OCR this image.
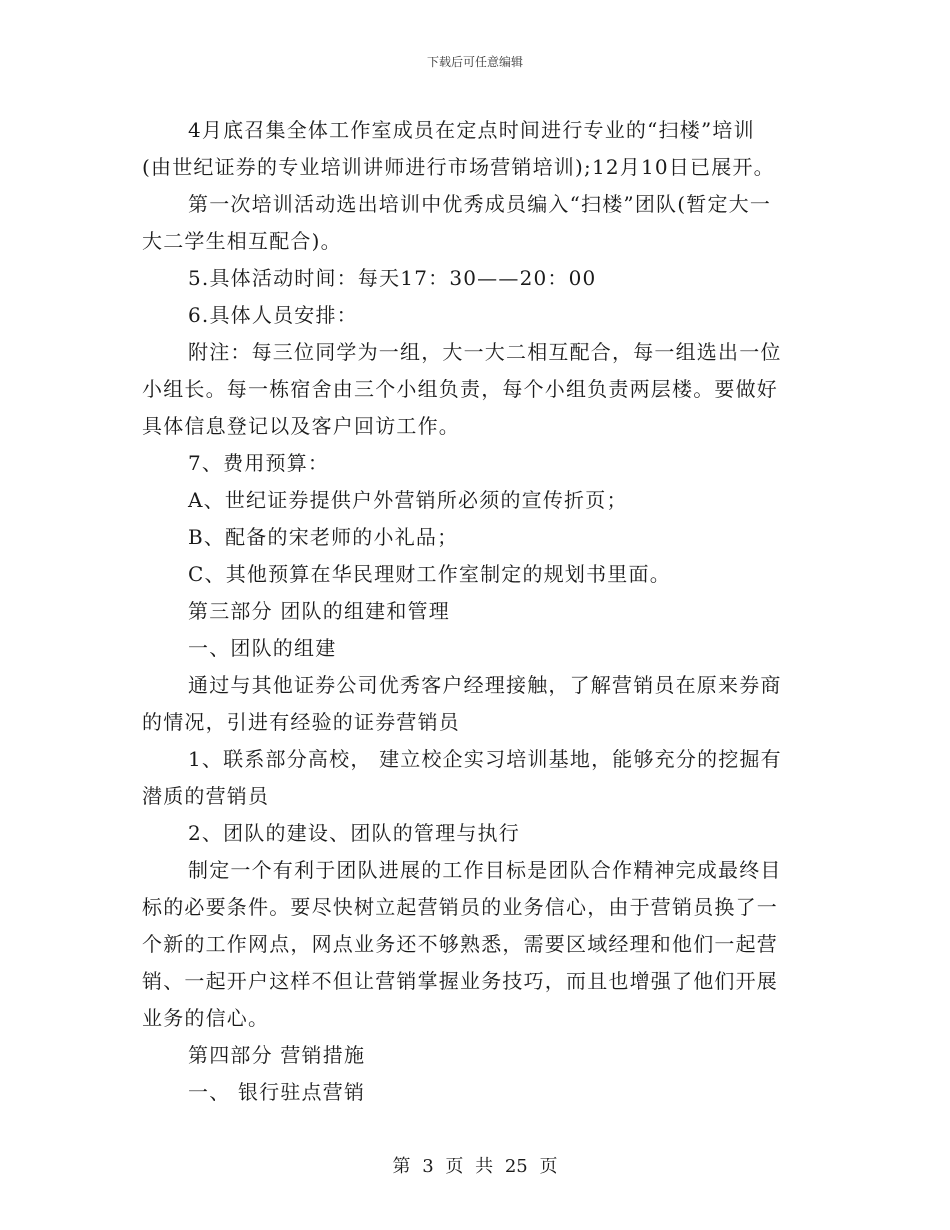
下载后可任意编辑
4月底召集全体工作室成员在定点时间进行专业的“扫楼”培训
(由世纪证券的专业培训讲师进行市场营销培训);12月10日已展开。
第一次培训活动选出培训中优秀成员编入“扫楼”团队(暂定大一
大二学生相互配合)。
5.具体活动时间：每天17：30——20：00
6.具体人员安排：
附注：每三位同学为一组，大一大二相互配合，每一组选出一位
小组长。每一栋宿舍由三个小组负责，每个小组负责两层楼。要做好
具体信息登记以及客户回访工作。
7、费用预算：
A、世纪证券提供户外营销所必须的宣传折页；
B、配备的宋老师的小礼品；
C、其他预算在华民理财工作室制定的规划书里面。
第三部分 团队的组建和管理
一、团队的组建
通过与其他证券公司优秀客户经理接触，了解营销员在原来券商
的情况，引进有经验的证券营销员
1、联系部分高校， 建立校企实习培训基地，能够充分的挖掘有
潜质的营销员
2、团队的建设、团队的管理与执行
制定一个有利于团队进展的工作目标是团队合作精神完成最终目
标的必要条件。要尽快树立起营销员的业务信心，由于营销员换了一
个新的工作网点，网点业务还不够熟悉，需要区域经理和他们一起营
销、一起开户这样不但让营销掌握业务技巧，而且也增强了他们开展
业务的信心。
第四部分 营销措施
一、 银行驻点营销
第 3 页 共 25 页
